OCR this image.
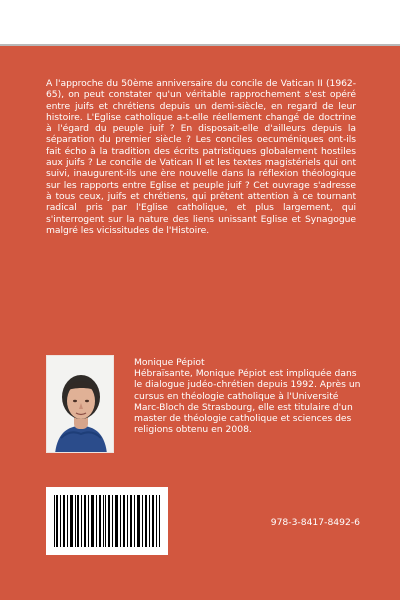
A l'approche du 50ème anniversaire du concile de Vatican II (1962-65), on peut constater qu'un véritable rapprochement s'est opéré entre juifs et chrétiens depuis un demi-siècle, en regard de leur histoire. L'Eglise catholique a-t-elle réellement changé de doctrine à l'égard du peuple juif ? En disposait-elle d'ailleurs depuis la séparation du premier siècle ? Les conciles oecuméniques ont-ils fait écho à la tradition des écrits patristiques globalement hostiles aux juifs ? Le concile de Vatican II et les textes magistériels qui ont suivi, inaugurent-ils une ère nouvelle dans la réflexion théologique sur les rapports entre Eglise et peuple juif ? Cet ouvrage s'adresse à tous ceux, juifs et chrétiens, qui prêtent attention à ce tournant radical pris par l'Eglise catholique, et plus largement, qui s'interrogent sur la nature des liens unissant Eglise et Synagogue malgré les vicissitudes de l'Histoire.

Monique Pépiot

Hébraïsante, Monique Pépiot est impliquée dans le dialogue judéo-chrétien depuis 1992. Après un cursus en théologie catholique à l'Université Marc-Bloch de Strasbourg, elle est titulaire d'un master de théologie catholique et sciences des religions obtenu en 2008.

978-3-8417-8492-6
